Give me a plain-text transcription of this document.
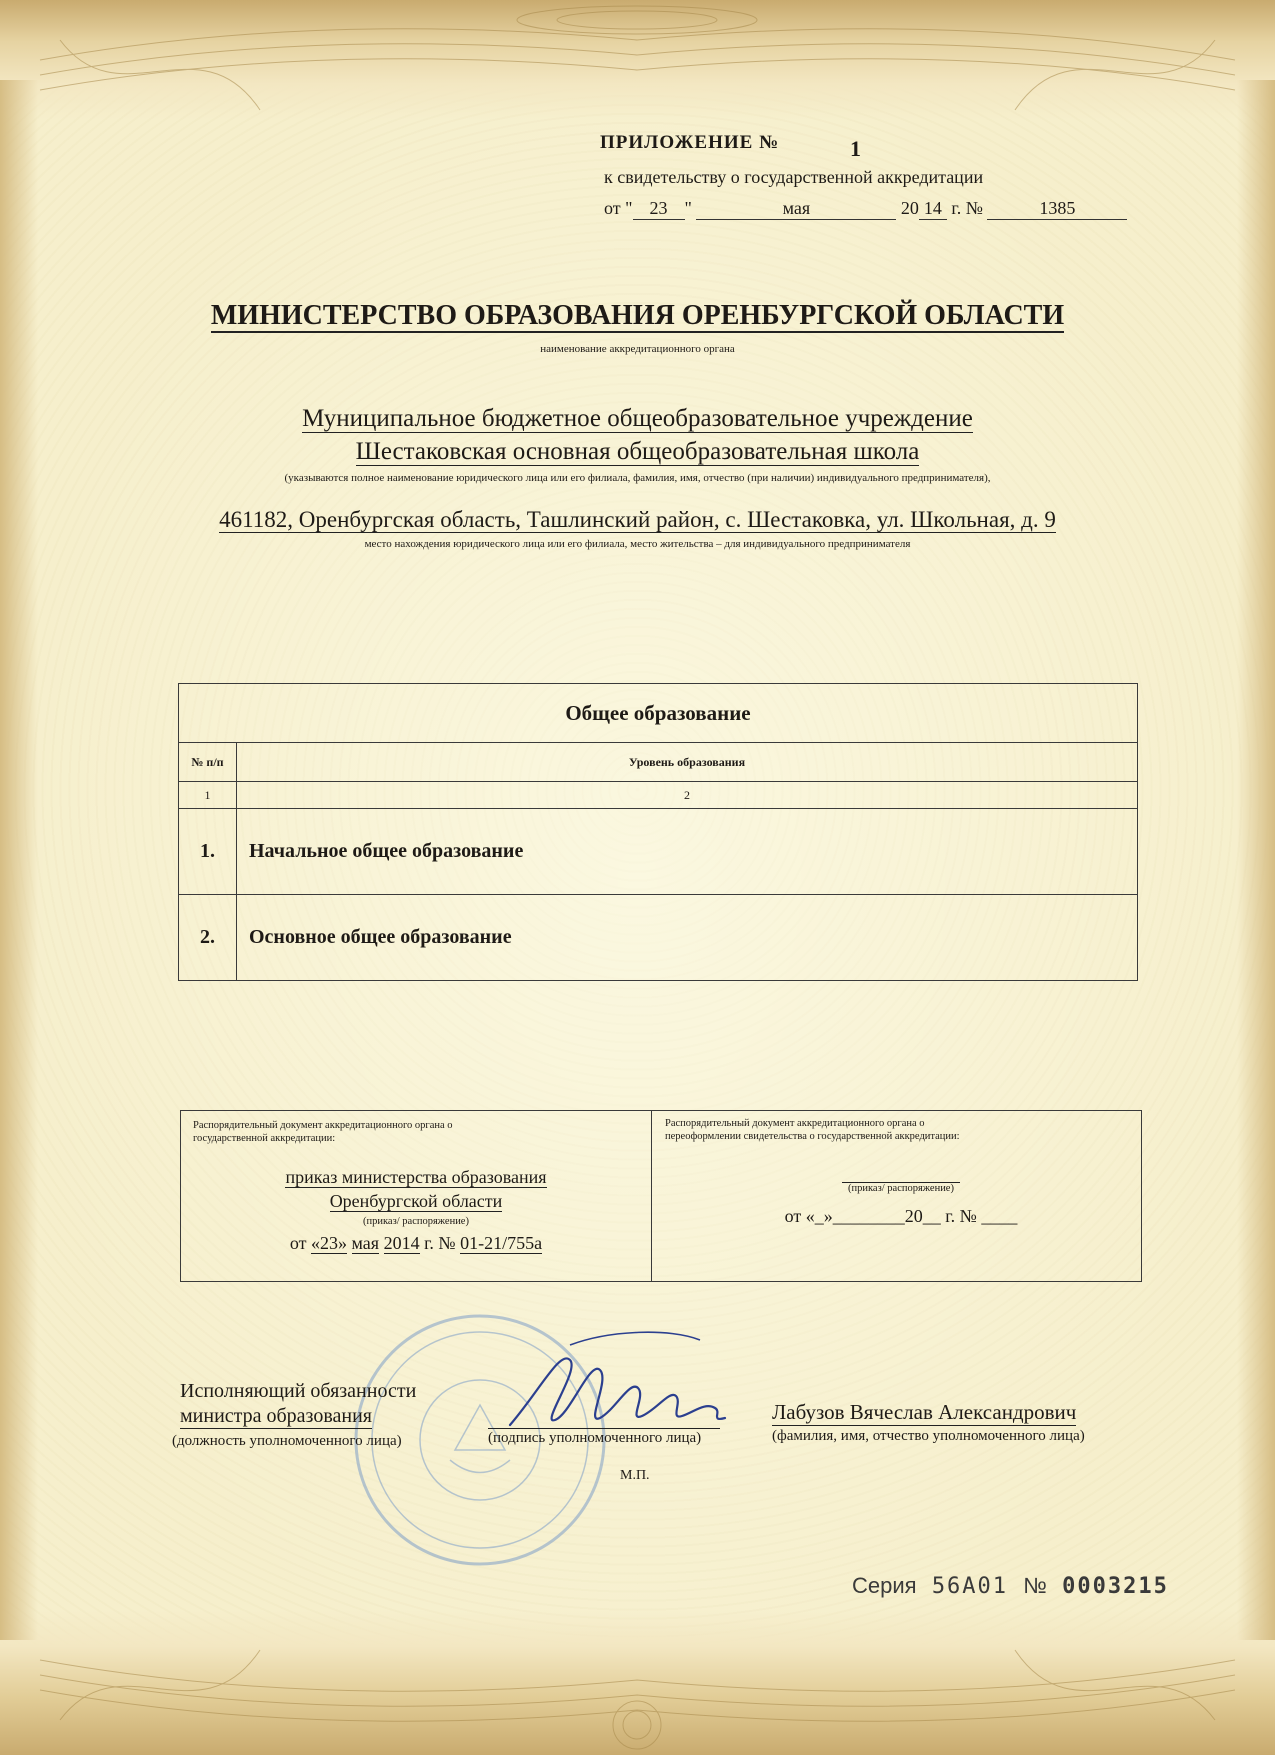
ПРИЛОЖЕНИЕ №	1
к свидетельству о государственной аккредитации
от " 23 "	мая	20 14 г. №	1385
МИНИСТЕРСТВО ОБРАЗОВАНИЯ ОРЕНБУРГСКОЙ ОБЛАСТИ
наименование аккредитационного органа
Муниципальное бюджетное общеобразовательное учреждение
Шестаковская основная общеобразовательная школа
(указываются полное наименование юридического лица или его филиала, фамилия, имя, отчество (при наличии) индивидуального предпринимателя),
461182, Оренбургская область, Ташлинский район, с. Шестаковка, ул. Школьная, д. 9
место нахождения юридического лица или его филиала, место жительства – для индивидуального предпринимателя
Общее образование	
№ п/п	Уровень образования
1	2
1.	Начальное общее образование
2.	Основное общее образование
Распорядительный документ аккредитационного органа о государственной аккредитации:
приказ министерства образования
Оренбургской области
(приказ/ распоряжение)
от «23» мая 2014 г. № 01-21/755а
Распорядительный документ аккредитационного органа о переоформлении свидетельства о государственной аккредитации:
(приказ/ распоряжение)
от «_»________20__ г. № ____
Исполняющий обязанности
министра образования
(должность уполномоченного лица)	(подпись уполномоченного лица)
Лабузов Вячеслав Александрович
(фамилия, имя, отчество уполномоченного лица)
М.П.
Серия 56А01 № 0003215
